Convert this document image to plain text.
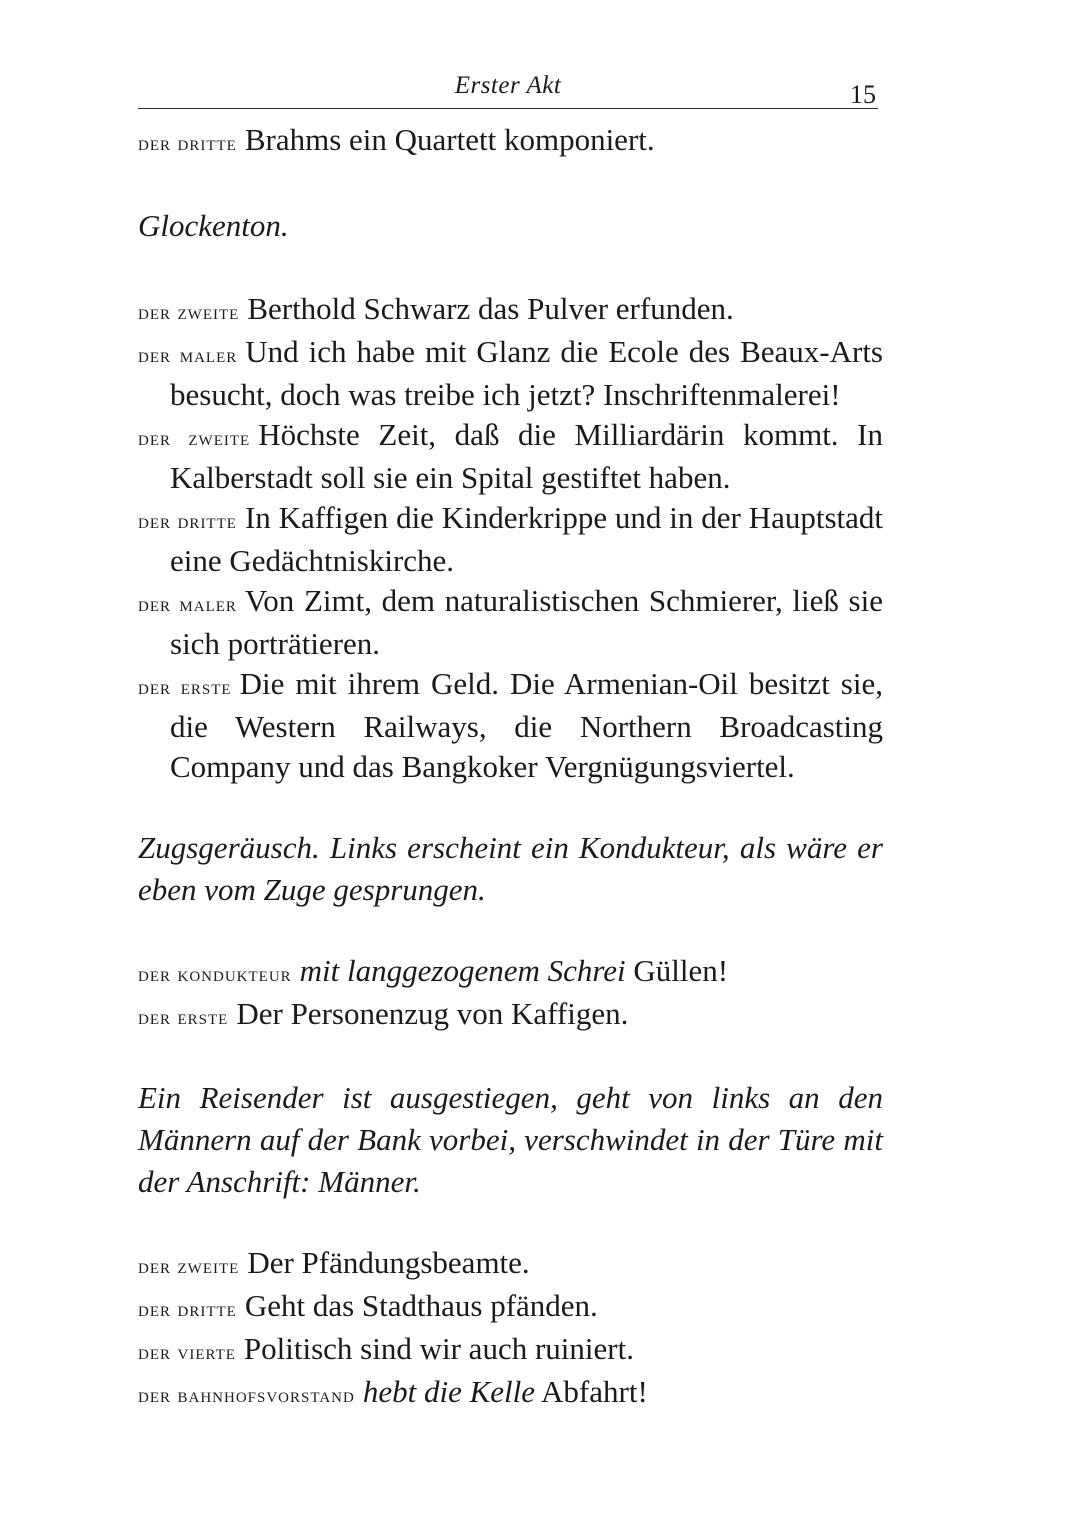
Erster Akt	15

der dritte Brahms ein Quartett komponiert.

Glockenton.

der zweite Berthold Schwarz das Pulver erfunden.

der maler Und ich habe mit Glanz die Ecole des Beaux-Arts besucht, doch was treibe ich jetzt? Inschriftenmalerei!

der zweite Höchste Zeit, daß die Milliardärin kommt. In Kalberstadt soll sie ein Spital gestiftet haben.

der dritte In Kaffigen die Kinderkrippe und in der Hauptstadt eine Gedächtniskirche.

der maler Von Zimt, dem naturalistischen Schmierer, ließ sie sich porträtieren.

der erste Die mit ihrem Geld. Die Armenian-Oil besitzt sie, die Western Railways, die Northern Broadcasting Company und das Bangkoker Vergnügungsviertel.

Zugsgeräusch. Links erscheint ein Kondukteur, als wäre er eben vom Zuge gesprungen.

der kondukteur mit langgezogenem Schrei Güllen!

der erste Der Personenzug von Kaffigen.

Ein Reisender ist ausgestiegen, geht von links an den Männern auf der Bank vorbei, verschwindet in der Türe mit der Anschrift: Männer.

der zweite Der Pfändungsbeamte.

der dritte Geht das Stadthaus pfänden.

der vierte Politisch sind wir auch ruiniert.

der bahnhofsvorstand hebt die Kelle Abfahrt!
